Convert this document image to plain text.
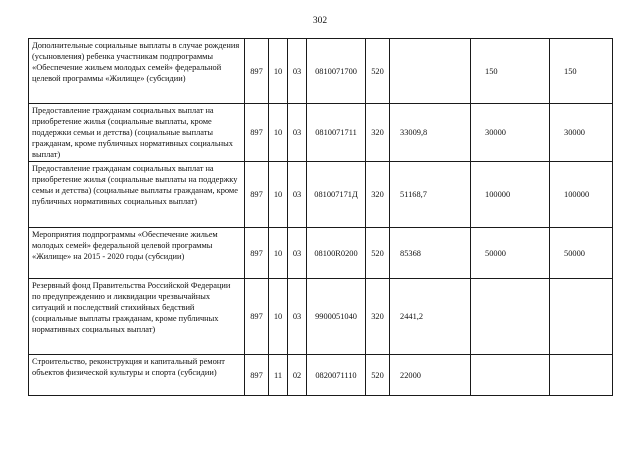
302
Дополнительные социальные выплаты в случае рождения (усыновления) ребенка участникам подпрограммы «Обеспечение жильем молодых семей» федеральной целевой программы «Жилище» (субсидии)	897	10	03	0810071700	520		150	150
Предоставление гражданам социальных выплат на приобретение жилья (социальные выплаты, кроме поддержки семьи и детства) (социальные выплаты гражданам, кроме публичных нормативных социальных выплат)	897	10	03	0810071711	320	33009,8	30000	30000
Предоставление гражданам социальных выплат на приобретение жилья (социальные выплаты на поддержку семьи и детства) (социальные выплаты гражданам, кроме публичных нормативных социальных выплат)	897	10	03	081007171Д	320	51168,7	100000	100000
Мероприятия подпрограммы «Обеспечение жильем молодых семей» федеральной целевой программы «Жилище» на 2015 - 2020 годы (субсидии)	897	10	03	08100R0200	520	85368	50000	50000
Резервный фонд Правительства Российской Федерации по предупреждению и ликвидации чрезвычайных ситуаций и последствий стихийных бедствий (социальные выплаты гражданам, кроме публичных нормативных социальных выплат)	897	10	03	9900051040	320	2441,2		
Строительство, реконструкция и капитальный ремонт объектов физической культуры и спорта (субсидии)	897	11	02	0820071110	520	22000		
